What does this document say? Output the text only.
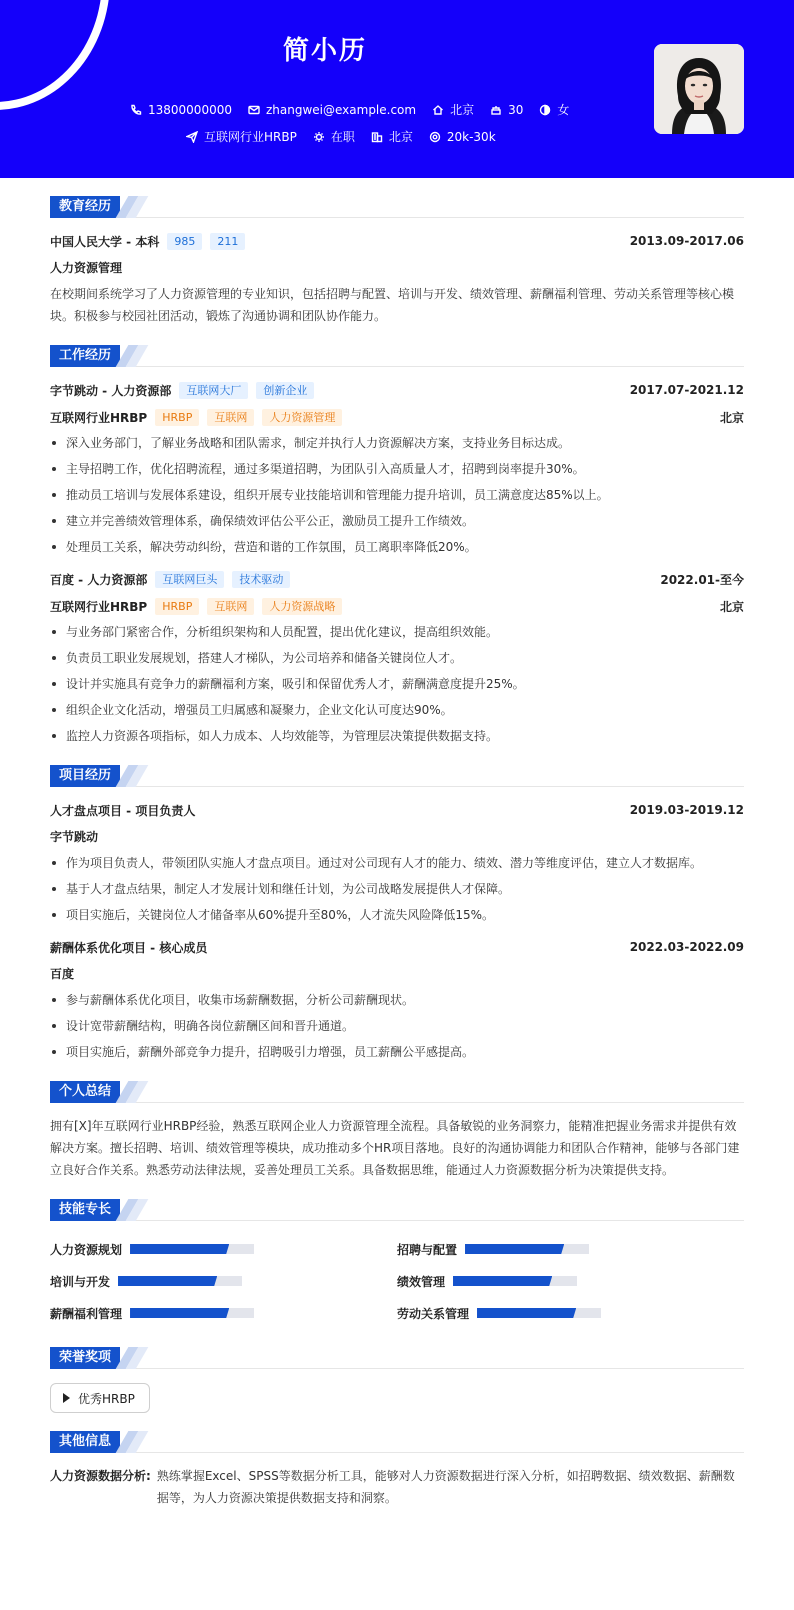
简小历
13800000000	zhangwei@example.com	北京	30	女
互联网行业HRBP	在职	北京	20k-30k
教育经历
中国人民大学 - 本科	985	211	2013.09-2017.06
人力资源管理
在校期间系统学习了人力资源管理的专业知识，包括招聘与配置、培训与开发、绩效管理、薪酬福利管理、劳动关系管理等核心模块。积极参与校园社团活动，锻炼了沟通协调和团队协作能力。
工作经历
字节跳动 - 人力资源部	互联网大厂	创新企业	2017.07-2021.12
互联网行业HRBP	HRBP	互联网	人力资源管理	北京
深入业务部门，了解业务战略和团队需求，制定并执行人力资源解决方案，支持业务目标达成。
主导招聘工作，优化招聘流程，通过多渠道招聘，为团队引入高质量人才，招聘到岗率提升30%。
推动员工培训与发展体系建设，组织开展专业技能培训和管理能力提升培训，员工满意度达85%以上。
建立并完善绩效管理体系，确保绩效评估公平公正，激励员工提升工作绩效。
处理员工关系，解决劳动纠纷，营造和谐的工作氛围，员工离职率降低20%。
百度 - 人力资源部	互联网巨头	技术驱动	2022.01-至今
互联网行业HRBP	HRBP	互联网	人力资源战略	北京
与业务部门紧密合作，分析组织架构和人员配置，提出优化建议，提高组织效能。
负责员工职业发展规划，搭建人才梯队，为公司培养和储备关键岗位人才。
设计并实施具有竞争力的薪酬福利方案，吸引和保留优秀人才，薪酬满意度提升25%。
组织企业文化活动，增强员工归属感和凝聚力，企业文化认可度达90%。
监控人力资源各项指标，如人力成本、人均效能等，为管理层决策提供数据支持。
项目经历
人才盘点项目 - 项目负责人	2019.03-2019.12
字节跳动
作为项目负责人，带领团队实施人才盘点项目。通过对公司现有人才的能力、绩效、潜力等维度评估，建立人才数据库。
基于人才盘点结果，制定人才发展计划和继任计划，为公司战略发展提供人才保障。
项目实施后，关键岗位人才储备率从60%提升至80%，人才流失风险降低15%。
薪酬体系优化项目 - 核心成员	2022.03-2022.09
百度
参与薪酬体系优化项目，收集市场薪酬数据，分析公司薪酬现状。
设计宽带薪酬结构，明确各岗位薪酬区间和晋升通道。
项目实施后，薪酬外部竞争力提升，招聘吸引力增强，员工薪酬公平感提高。
个人总结
拥有[X]年互联网行业HRBP经验，熟悉互联网企业人力资源管理全流程。具备敏锐的业务洞察力，能精准把握业务需求并提供有效解决方案。擅长招聘、培训、绩效管理等模块，成功推动多个HR项目落地。良好的沟通协调能力和团队合作精神，能够与各部门建立良好合作关系。熟悉劳动法律法规，妥善处理员工关系。具备数据思维，能通过人力资源数据分析为决策提供支持。
技能专长
人力资源规划	招聘与配置
培训与开发	绩效管理
薪酬福利管理	劳动关系管理
荣誉奖项
优秀HRBP
其他信息
人力资源数据分析: 熟练掌握Excel、SPSS等数据分析工具，能够对人力资源数据进行深入分析，如招聘数据、绩效数据、薪酬数据等，为人力资源决策提供数据支持和洞察。
